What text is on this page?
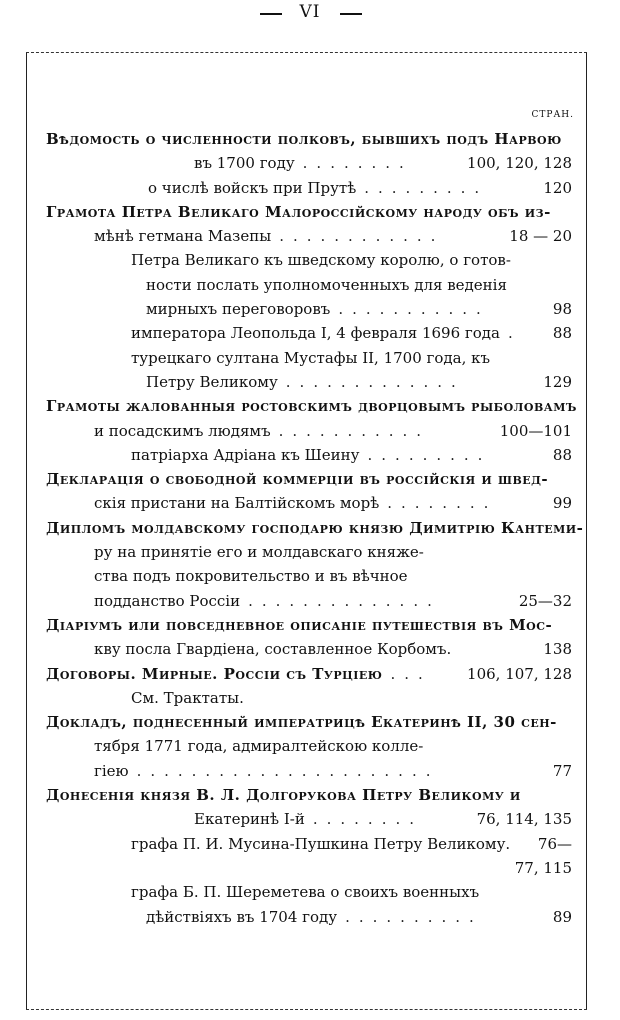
VI
СТРАН.
Вѣдомость о численности полковъ, бывшихъ подъ Нарвою
въ 1700 году	100, 120, 128
........
о числѣ войскъ при Прутѣ	120
.........
Грамота Петра Великаго Малороссійскому народу объ из-
мѣнѣ гетмана Мазепы	18 — 20
............
Петра Великаго къ шведскому королю, о готов-
ности послать уполномоченныхъ для веденія
мирныхъ переговоровъ	98
...........
императора Леопольда I, 4 февраля 1696 года	88
.
турецкаго султана Мустафы II, 1700 года, къ
Петру Великому	129
.............
Грамоты жалованныя ростовскимъ дворцовымъ рыболовамъ
и посадскимъ людямъ	100—101
...........
патріарха Адріана къ Шеину	88
.........
Декларація о свободной коммерціи въ россійскія и швед-
скія пристани на Балтійскомъ морѣ	99
........
Дипломъ молдавскому господарю князю Димитрію Кантеми-
ру на принятіе его и молдавскаго княже-
ства подъ покровительство и въ вѣчное
подданство Россіи	25—32
..............
Діаріумъ или повседневное описаніе путешествія въ Мос-
кву посла Гвардіена, составленное Корбомъ.	138
Договоры. Мирные. Россіи съ Турціею	106, 107, 128
...
См. Трактаты.
Докладъ, поднесенный императрицѣ Екатеринѣ II, 30 сен-
тября 1771 года, адмиралтейскою колле-
гіею	77
......................
Донесенія князя В. Л. Долгорукова Петру Великому и
Екатеринѣ I-й	76, 114, 135
........
графа П. И. Мусина-Пушкина Петру Великому. 76—
77, 115
графа Б. П. Шереметева о своихъ военныхъ
дѣйствіяхъ въ 1704 году	89
..........
